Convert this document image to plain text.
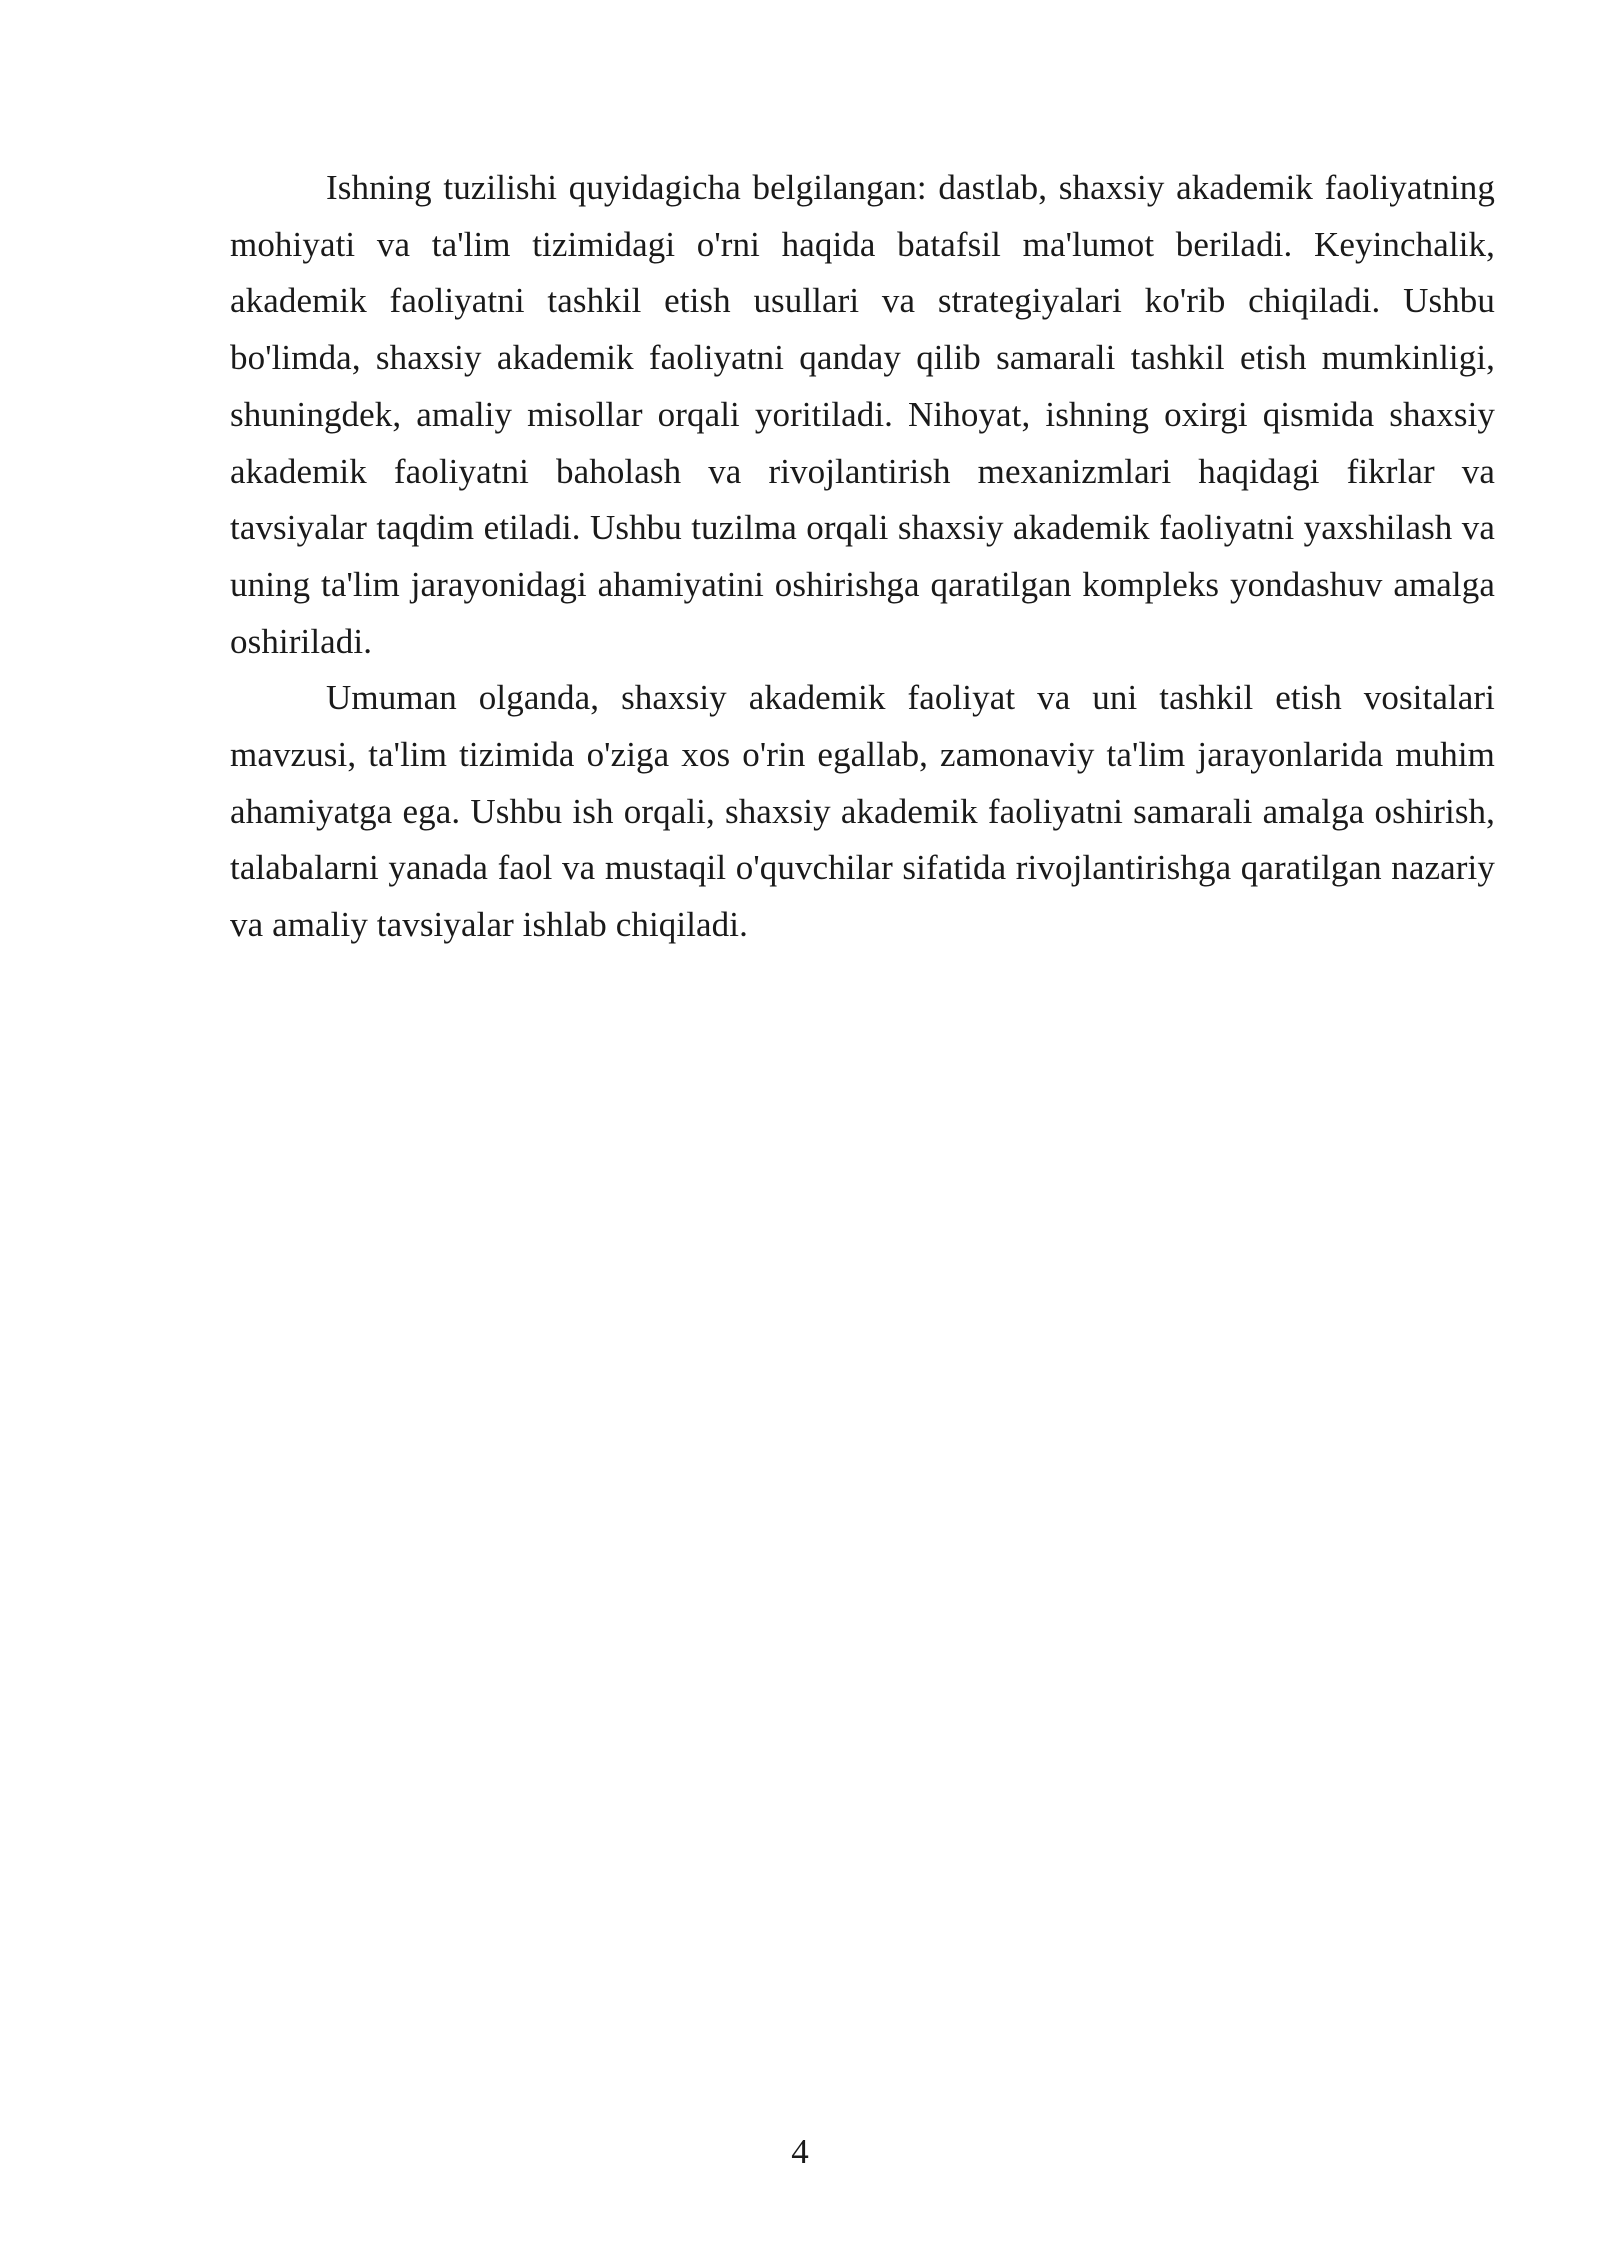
Ishning tuzilishi quyidagicha belgilangan: dastlab, shaxsiy akademik faoliyatning mohiyati va ta'lim tizimidagi o'rni haqida batafsil ma'lumot beriladi. Keyinchalik, akademik faoliyatni tashkil etish usullari va strategiyalari ko'rib chiqiladi. Ushbu bo'limda, shaxsiy akademik faoliyatni qanday qilib samarali tashkil etish mumkinligi, shuningdek, amaliy misollar orqali yoritiladi. Nihoyat, ishning oxirgi qismida shaxsiy akademik faoliyatni baholash va rivojlantirish mexanizmlari haqidagi fikrlar va tavsiyalar taqdim etiladi. Ushbu tuzilma orqali shaxsiy akademik faoliyatni yaxshilash va uning ta'lim jarayonidagi ahamiyatini oshirishga qaratilgan kompleks yondashuv amalga oshiriladi.

Umuman olganda, shaxsiy akademik faoliyat va uni tashkil etish vositalari mavzusi, ta'lim tizimida o'ziga xos o'rin egallab, zamonaviy ta'lim jarayonlarida muhim ahamiyatga ega. Ushbu ish orqali, shaxsiy akademik faoliyatni samarali amalga oshirish, talabalarni yanada faol va mustaqil o'quvchilar sifatida rivojlantirishga qaratilgan nazariy va amaliy tavsiyalar ishlab chiqiladi.

4
